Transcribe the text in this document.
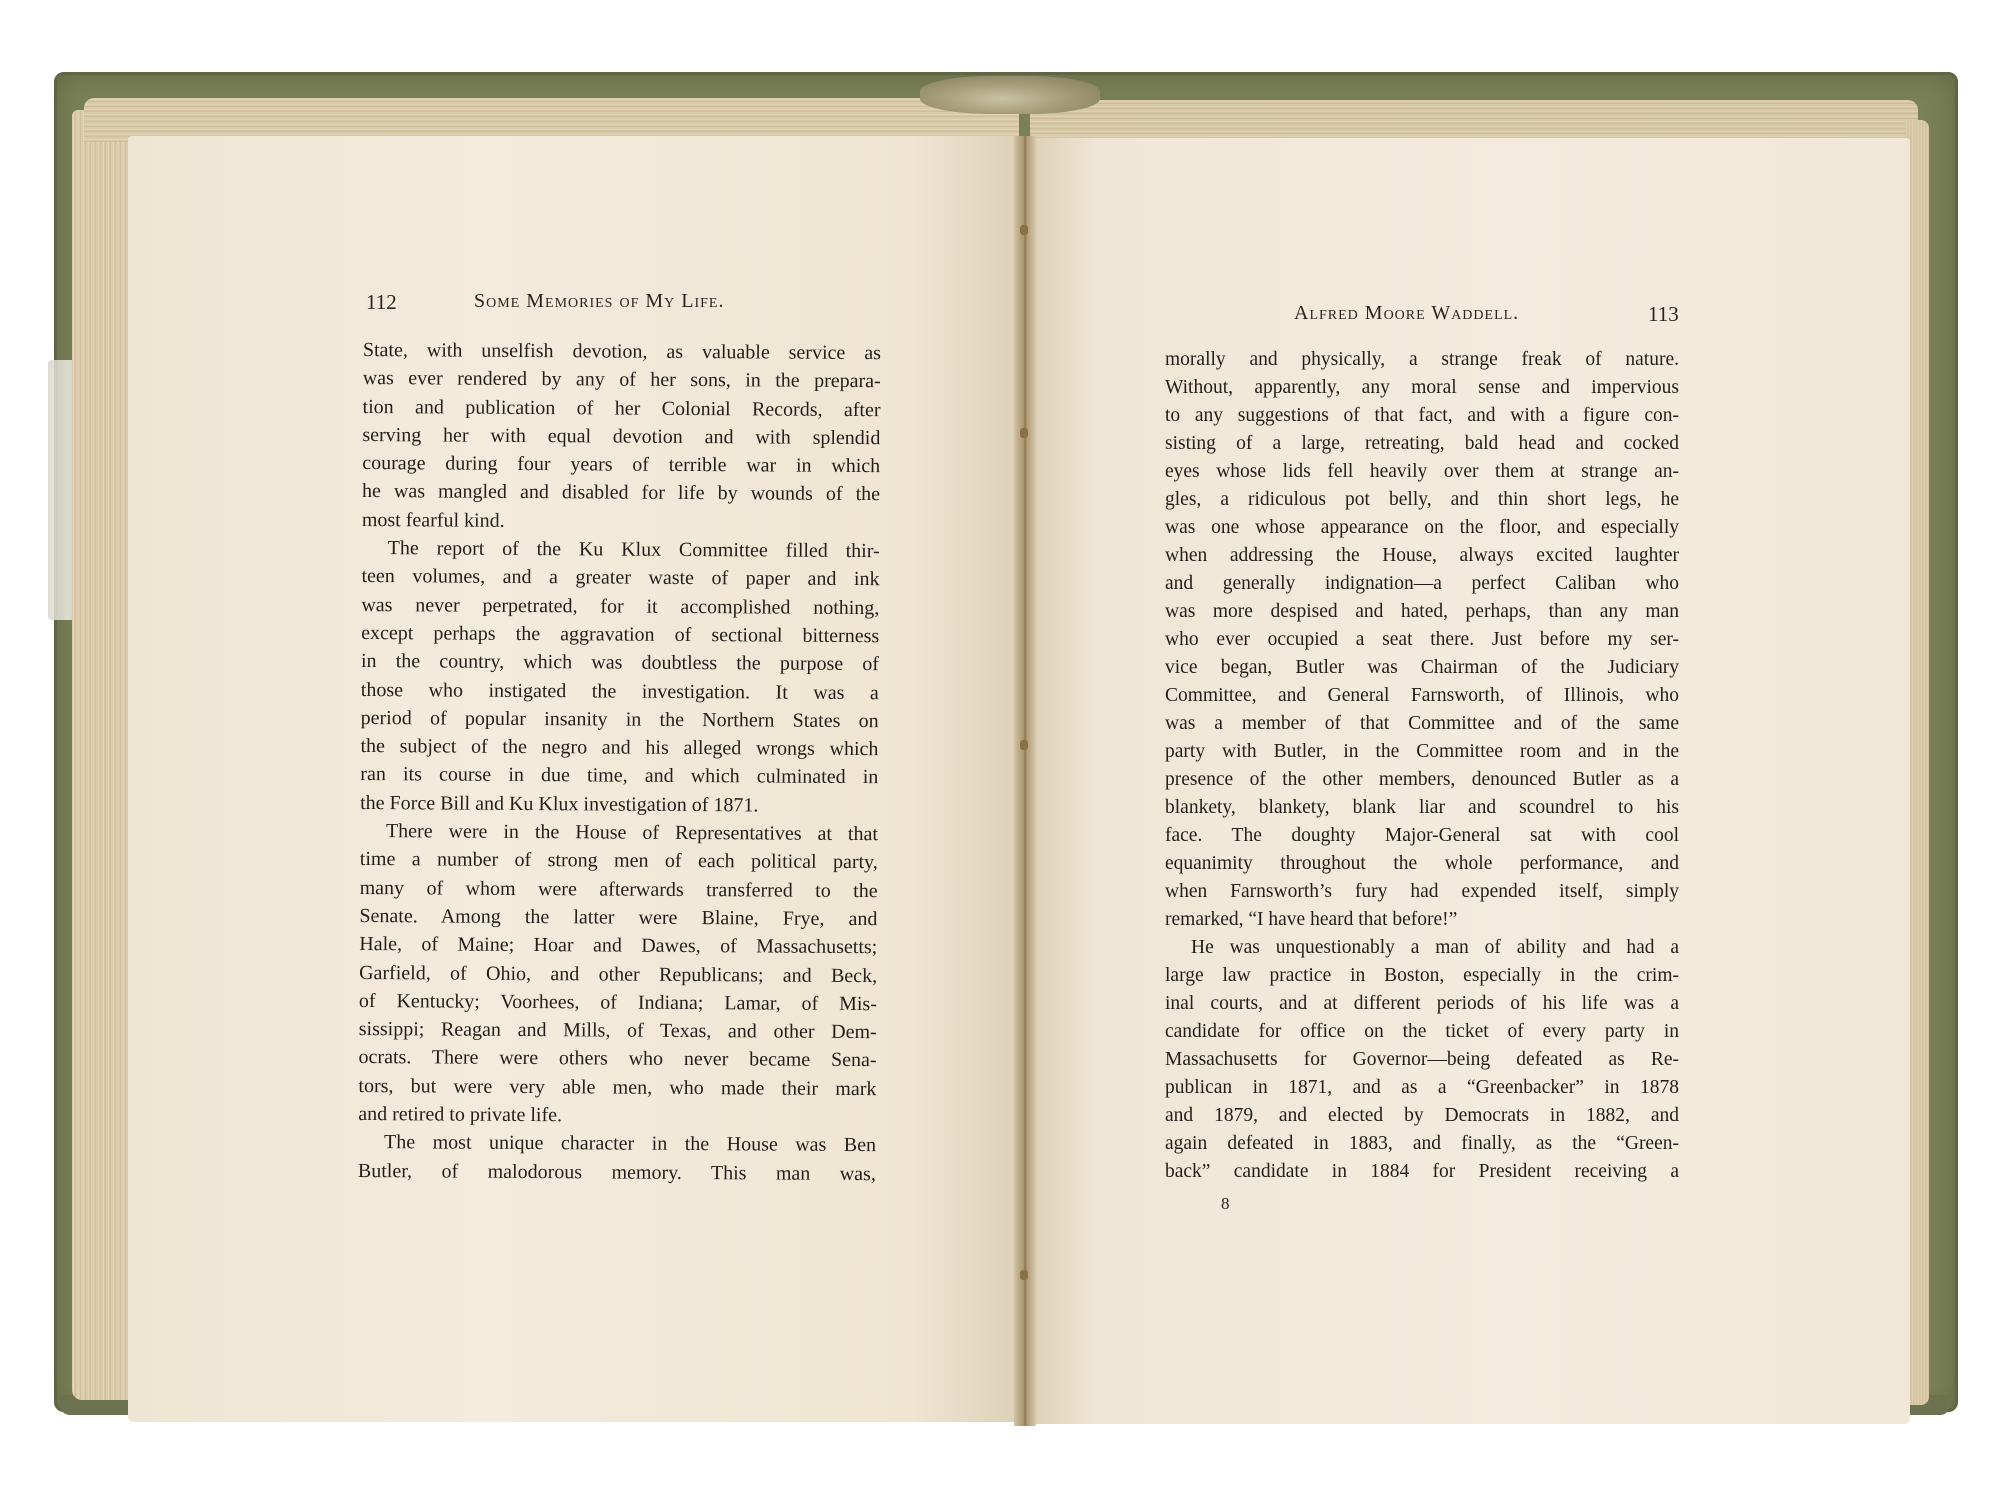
112	Some Memories of My Life.
State, with unselfish devotion, as valuable service as
was ever rendered by any of her sons, in the prepara-
tion and publication of her Colonial Records, after
serving her with equal devotion and with splendid
courage during four years of terrible war in which
he was mangled and disabled for life by wounds of the
most fearful kind.
The report of the Ku Klux Committee filled thir-
teen volumes, and a greater waste of paper and ink
was never perpetrated, for it accomplished nothing,
except perhaps the aggravation of sectional bitterness
in the country, which was doubtless the purpose of
those who instigated the investigation. It was a
period of popular insanity in the Northern States on
the subject of the negro and his alleged wrongs which
ran its course in due time, and which culminated in
the Force Bill and Ku Klux investigation of 1871.
There were in the House of Representatives at that
time a number of strong men of each political party,
many of whom were afterwards transferred to the
Senate. Among the latter were Blaine, Frye, and
Hale, of Maine; Hoar and Dawes, of Massachusetts;
Garfield, of Ohio, and other Republicans; and Beck,
of Kentucky; Voorhees, of Indiana; Lamar, of Mis-
sissippi; Reagan and Mills, of Texas, and other Dem-
ocrats. There were others who never became Sena-
tors, but were very able men, who made their mark
and retired to private life.
The most unique character in the House was Ben
Butler, of malodorous memory. This man was,
Alfred Moore Waddell.	113
morally and physically, a strange freak of nature.
Without, apparently, any moral sense and impervious
to any suggestions of that fact, and with a figure con-
sisting of a large, retreating, bald head and cocked
eyes whose lids fell heavily over them at strange an-
gles, a ridiculous pot belly, and thin short legs, he
was one whose appearance on the floor, and especially
when addressing the House, always excited laughter
and generally indignation—a perfect Caliban who
was more despised and hated, perhaps, than any man
who ever occupied a seat there. Just before my ser-
vice began, Butler was Chairman of the Judiciary
Committee, and General Farnsworth, of Illinois, who
was a member of that Committee and of the same
party with Butler, in the Committee room and in the
presence of the other members, denounced Butler as a
blankety, blankety, blank liar and scoundrel to his
face. The doughty Major-General sat with cool
equanimity throughout the whole performance, and
when Farnsworth’s fury had expended itself, simply
remarked, “I have heard that before!”
He was unquestionably a man of ability and had a
large law practice in Boston, especially in the crim-
inal courts, and at different periods of his life was a
candidate for office on the ticket of every party in
Massachusetts for Governor—being defeated as Re-
publican in 1871, and as a “Greenbacker” in 1878
and 1879, and elected by Democrats in 1882, and
again defeated in 1883, and finally, as the “Green-
back” candidate in 1884 for President receiving a
8
